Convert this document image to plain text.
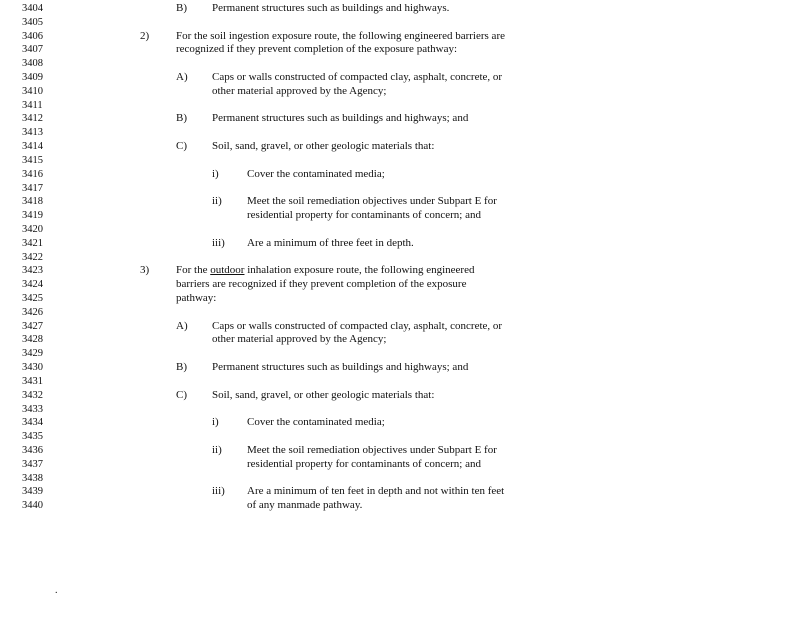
3404
3405
3406
3407
3408
3409
3410
3411
3412
3413
3414
3415
3416
3417
3418
3419
3420
3421
3422
3423
3424
3425
3426
3427
3428
3429
3430
3431
3432
3433
3434
3435
3436
3437
3438
3439
3440
B) Permanent structures such as buildings and highways.
2) For the soil ingestion exposure route, the following engineered barriers are
recognized if they prevent completion of the exposure pathway:
A) Caps or walls constructed of compacted clay, asphalt, concrete, or
other material approved by the Agency;
B) Permanent structures such as buildings and highways; and
C) Soil, sand, gravel, or other geologic materials that:
i)	Cover the contaminated media;
ii) Meet the soil remediation objectives under Subpart E for
residential property for contaminants of concern; and
iii) Are a minimum of three feet in depth.
3) For the outdoor inhalation exposure route, the following engineered
barriers are recognized if they prevent completion of the exposure
pathway:
A) Caps or walls constructed of compacted clay, asphalt, concrete, or
other material approved by the Agency;
B) Permanent structures such as buildings and highways; and
C) Soil, sand, gravel, or other geologic materials that:
i)	Cover the contaminated media;
ii) Meet the soil remediation objectives under Subpart E for
residential property for contaminants of concern; and
iii) Are a minimum of ten feet in depth and not within ten feet
of any manmade pathway.
.
